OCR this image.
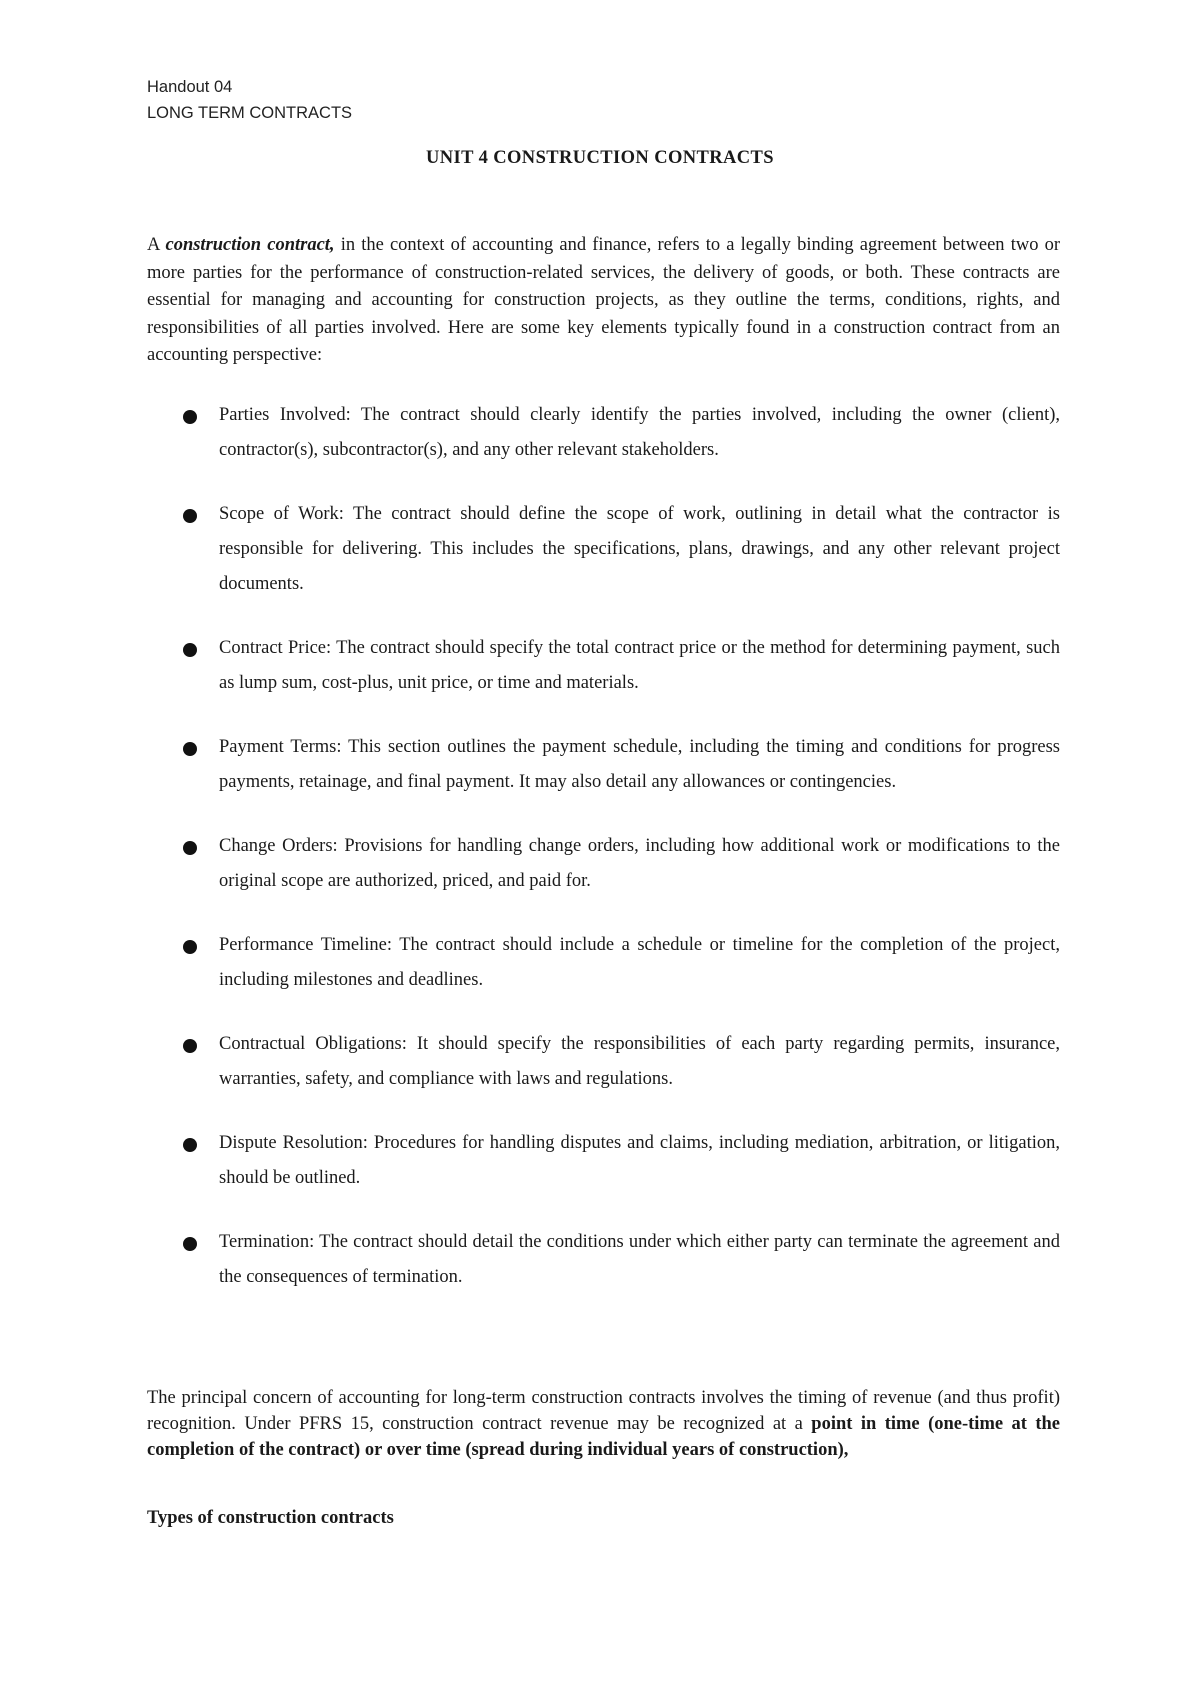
Handout 04
LONG TERM CONTRACTS
UNIT 4 CONSTRUCTION CONTRACTS

A construction contract, in the context of accounting and finance, refers to a legally binding agreement between two or more parties for the performance of construction-related services, the delivery of goods, or both. These contracts are essential for managing and accounting for construction projects, as they outline the terms, conditions, rights, and responsibilities of all parties involved. Here are some key elements typically found in a construction contract from an accounting perspective:

Parties Involved: The contract should clearly identify the parties involved, including the owner (client), contractor(s), subcontractor(s), and any other relevant stakeholders.
Scope of Work: The contract should define the scope of work, outlining in detail what the contractor is responsible for delivering. This includes the specifications, plans, drawings, and any other relevant project documents.
Contract Price: The contract should specify the total contract price or the method for determining payment, such as lump sum, cost-plus, unit price, or time and materials.
Payment Terms: This section outlines the payment schedule, including the timing and conditions for progress payments, retainage, and final payment. It may also detail any allowances or contingencies.
Change Orders: Provisions for handling change orders, including how additional work or modifications to the original scope are authorized, priced, and paid for.
Performance Timeline: The contract should include a schedule or timeline for the completion of the project, including milestones and deadlines.
Contractual Obligations: It should specify the responsibilities of each party regarding permits, insurance, warranties, safety, and compliance with laws and regulations.
Dispute Resolution: Procedures for handling disputes and claims, including mediation, arbitration, or litigation, should be outlined.
Termination: The contract should detail the conditions under which either party can terminate the agreement and the consequences of termination.

The principal concern of accounting for long-term construction contracts involves the timing of revenue (and thus profit) recognition. Under PFRS 15, construction contract revenue may be recognized at a point in time (one-time at the completion of the contract) or over time (spread during individual years of construction),

Types of construction contracts
